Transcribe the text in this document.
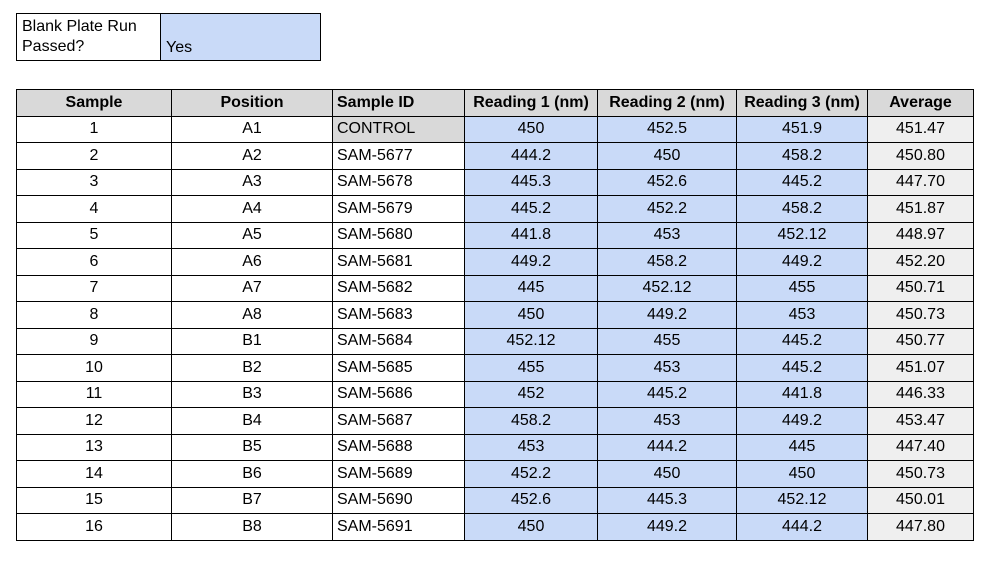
Blank Plate Run Passed?	Yes
Sample	Position	Sample ID	Reading 1 (nm)	Reading 2 (nm)	Reading 3 (nm)	Average
1	A1	CONTROL	450	452.5	451.9	451.47
2	A2	SAM-5677	444.2	450	458.2	450.80
3	A3	SAM-5678	445.3	452.6	445.2	447.70
4	A4	SAM-5679	445.2	452.2	458.2	451.87
5	A5	SAM-5680	441.8	453	452.12	448.97
6	A6	SAM-5681	449.2	458.2	449.2	452.20
7	A7	SAM-5682	445	452.12	455	450.71
8	A8	SAM-5683	450	449.2	453	450.73
9	B1	SAM-5684	452.12	455	445.2	450.77
10	B2	SAM-5685	455	453	445.2	451.07
11	B3	SAM-5686	452	445.2	441.8	446.33
12	B4	SAM-5687	458.2	453	449.2	453.47
13	B5	SAM-5688	453	444.2	445	447.40
14	B6	SAM-5689	452.2	450	450	450.73
15	B7	SAM-5690	452.6	445.3	452.12	450.01
16	B8	SAM-5691	450	449.2	444.2	447.80
